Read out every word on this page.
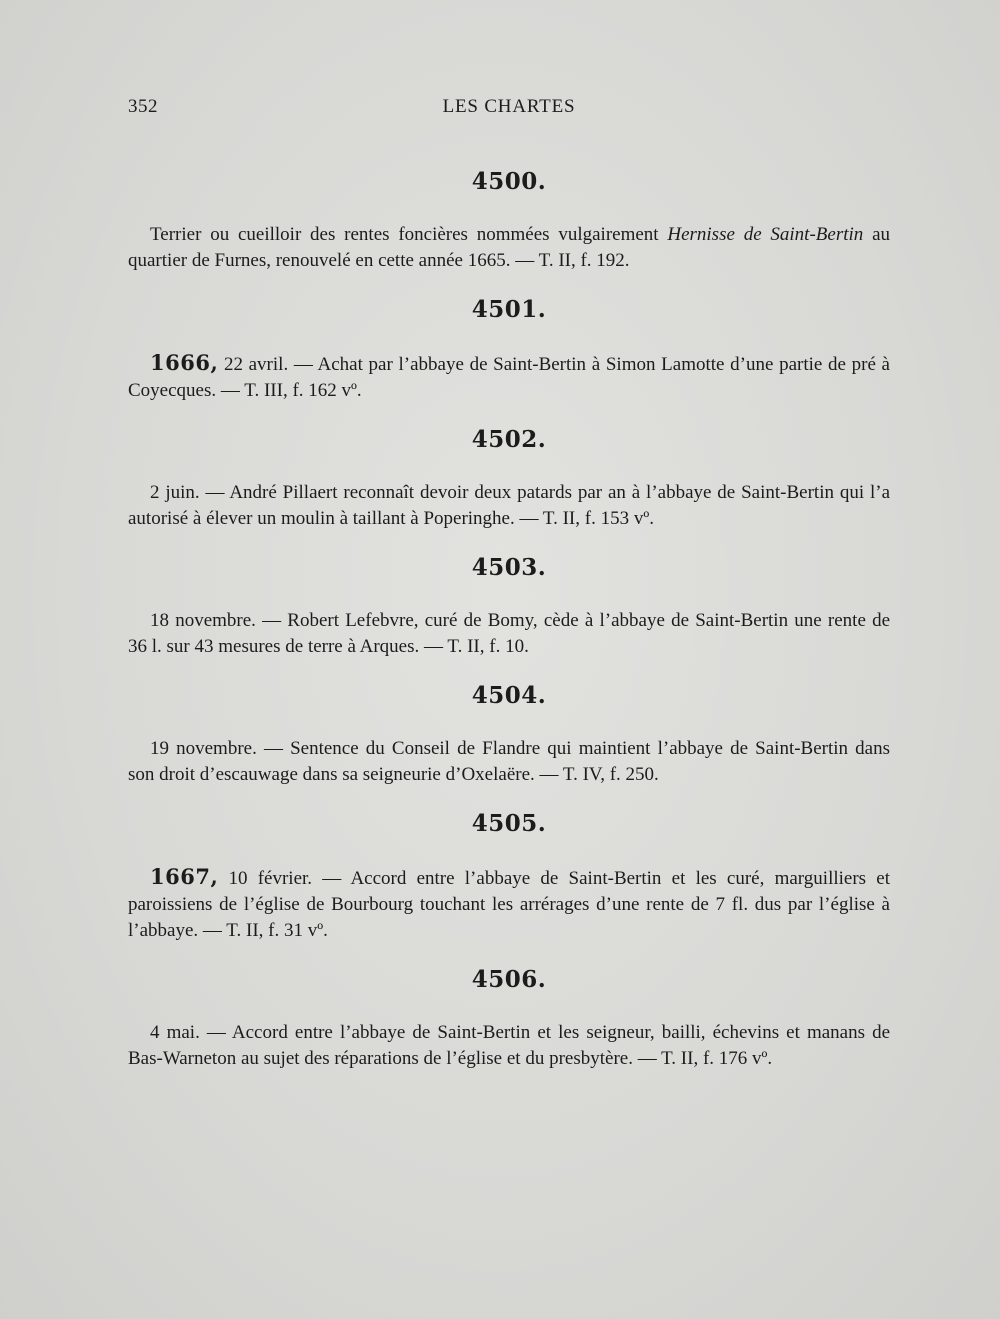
352	LES CHARTES
4500.

Terrier ou cueilloir des rentes foncières nommées vulgairement Hernisse de Saint-Bertin au quartier de Furnes, renouvelé en cette année 1665. — T. II, f. 192.

4501.

1666, 22 avril. — Achat par l’abbaye de Saint-Bertin à Simon Lamotte d’une partie de pré à Coyecques. — T. III, f. 162 vº.

4502.

2 juin. — André Pillaert reconnaît devoir deux patards par an à l’abbaye de Saint-Bertin qui l’a autorisé à élever un moulin à taillant à Poperinghe. — T. II, f. 153 vº.

4503.

18 novembre. — Robert Lefebvre, curé de Bomy, cède à l’abbaye de Saint-Bertin une rente de 36 l. sur 43 mesures de terre à Arques. — T. II, f. 10.

4504.

19 novembre. — Sentence du Conseil de Flandre qui maintient l’abbaye de Saint-Bertin dans son droit d’escauwage dans sa seigneurie d’Oxelaëre. — T. IV, f. 250.

4505.

1667, 10 février. — Accord entre l’abbaye de Saint-Bertin et les curé, marguilliers et paroissiens de l’église de Bourbourg touchant les arrérages d’une rente de 7 fl. dus par l’église à l’abbaye. — T. II, f. 31 vº.

4506.

4 mai. — Accord entre l’abbaye de Saint-Bertin et les seigneur, bailli, échevins et manans de Bas-Warneton au sujet des réparations de l’église et du presbytère. — T. II, f. 176 vº.
